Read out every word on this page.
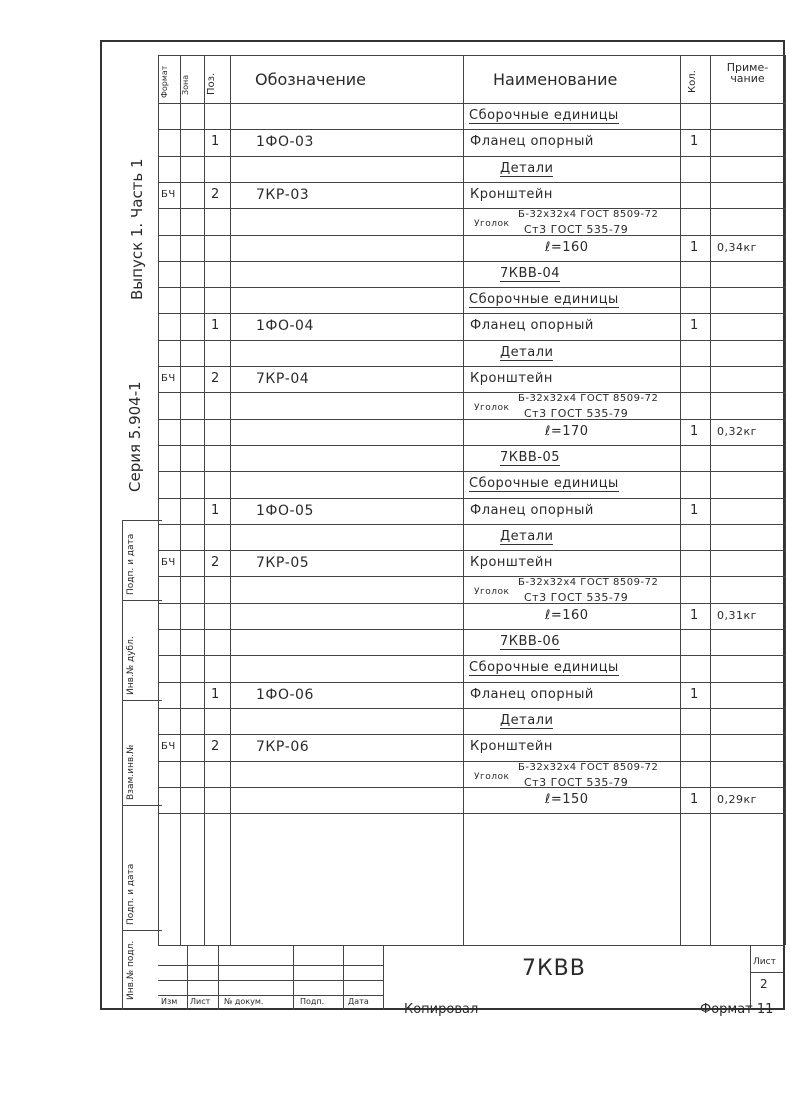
Серия 5.904-1
Выпуск 1. Часть 1
Инв.№ подл.
Подп. и дата
Взам.инв.№
Инв.№ дубл.
Подп. и дата
Сборочные единицы
1	1ФО-03	Фланец опорный	1
Детали
БЧ	2	7КР-03	Кронштейн
Уголок
Б-32х32х4 ГОСТ 8509-72
Ст3 ГОСТ 535-79
ℓ=160	1 0,34кг
7КВВ-04
Сборочные единицы
1	1ФО-04	Фланец опорный	1
Детали
БЧ	2	7КР-04	Кронштейн
Уголок
Б-32х32х4 ГОСТ 8509-72
Ст3 ГОСТ 535-79
ℓ=170	1 0,32кг
7КВВ-05
Сборочные единицы
1	1ФО-05	Фланец опорный	1
Детали
БЧ	2	7КР-05	Кронштейн
Уголок
Б-32х32х4 ГОСТ 8509-72
Ст3 ГОСТ 535-79
ℓ=160	1 0,31кг
7КВВ-06
Сборочные единицы
1	1ФО-06	Фланец опорный	1
Детали
БЧ	2	7КР-06	Кронштейн
Уголок
Б-32х32х4 ГОСТ 8509-72
Ст3 ГОСТ 535-79
ℓ=150	1 0,29кг
Формат Зона Поз. Обозначение	Наименование	Кол.
Приме-
чание
Изм Лист № докум.	Подп.	Дата
7КВВ	Лист
2
Копировал	Формат 11
